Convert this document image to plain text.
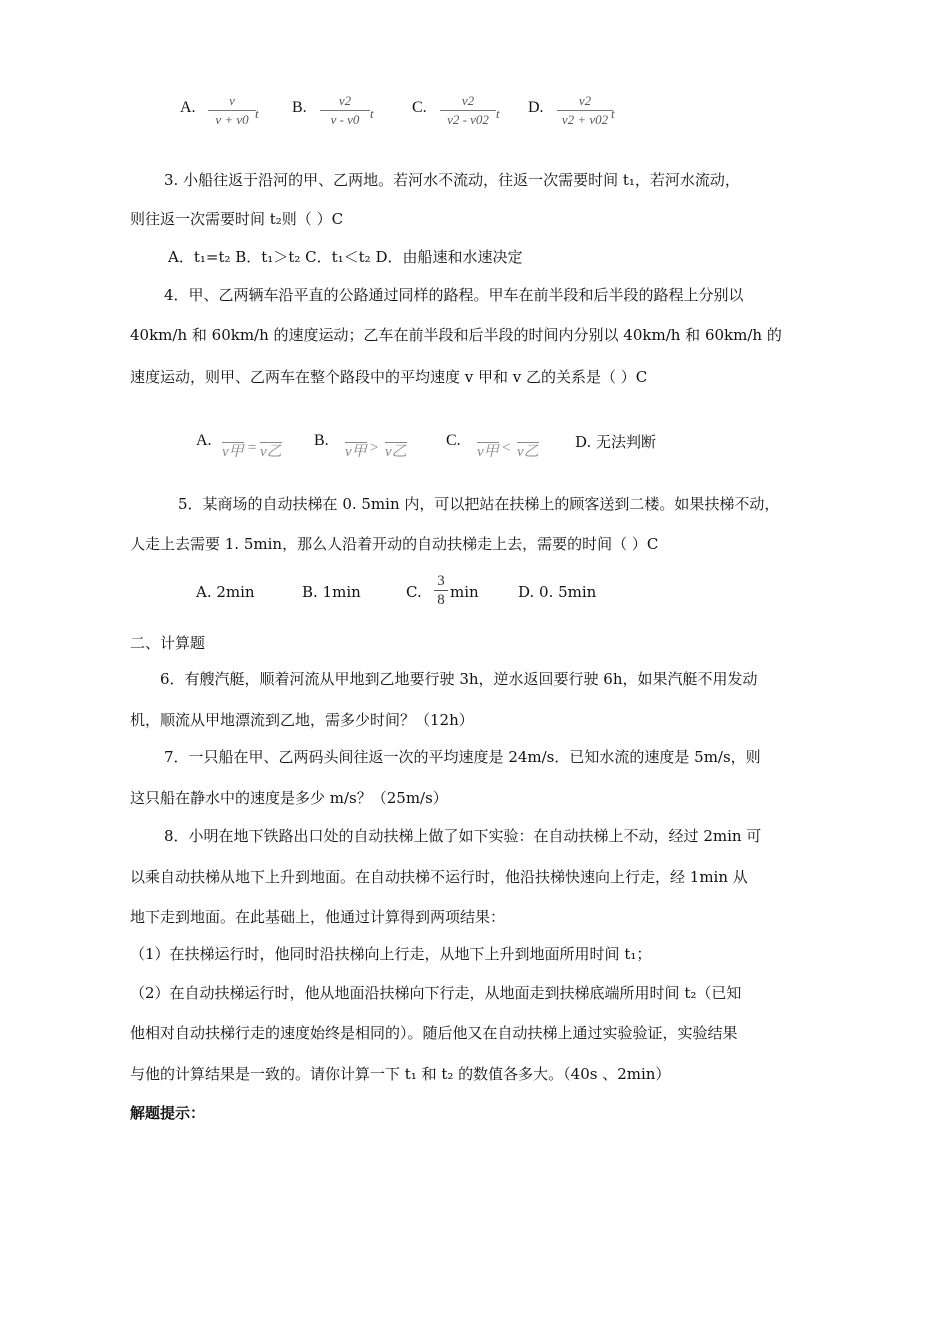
A.	v
v + v0 t B.	v2
v - v0 t C.	v2
v2 - v02 t D.	v2
v2 + v02 t
3. 小船往返于沿河的甲、乙两地。若河水不流动，往返一次需要时间 t₁，若河水流动，
则往返一次需要时间 t₂则（ ）C
A．t₁=t₂ B．t₁＞t₂ C．t₁＜t₂ D．由船速和水速决定
4．甲、乙两辆车沿平直的公路通过同样的路程。甲车在前半段和后半段的路程上分别以
40km/h 和 60km/h 的速度运动；乙车在前半段和后半段的时间内分别以 40km/h 和 60km/h 的
速度运动，则甲、乙两车在整个路段中的平均速度 v 甲和 v 乙的关系是（ ）C
A.
v甲 = v乙
B.
v甲 > v乙
C.
v甲 < v乙
D. 无法判断
5．某商场的自动扶梯在 0. 5min 内，可以把站在扶梯上的顾客送到二楼。如果扶梯不动，
人走上去需要 1. 5min，那么人沿着开动的自动扶梯走上去，需要的时间（ ）C
A. 2min	B. 1min	C.
3
8 min	D. 0. 5min
二、计算题
6．有艘汽艇，顺着河流从甲地到乙地要行驶 3h，逆水返回要行驶 6h，如果汽艇不用发动
机，顺流从甲地漂流到乙地，需多少时间？（12h）
7．一只船在甲、乙两码头间往返一次的平均速度是 24m/s．已知水流的速度是 5m/s，则
这只船在静水中的速度是多少 m/s？（25m/s）
8．小明在地下铁路出口处的自动扶梯上做了如下实验：在自动扶梯上不动，经过 2min 可
以乘自动扶梯从地下上升到地面。在自动扶梯不运行时，他沿扶梯快速向上行走，经 1min 从
地下走到地面。在此基础上，他通过计算得到两项结果：
（1）在扶梯运行时，他同时沿扶梯向上行走，从地下上升到地面所用时间 t₁；
（2）在自动扶梯运行时，他从地面沿扶梯向下行走，从地面走到扶梯底端所用时间 t₂（已知
他相对自动扶梯行走的速度始终是相同的）。随后他又在自动扶梯上通过实验验证，实验结果
与他的计算结果是一致的。请你计算一下 t₁ 和 t₂ 的数值各多大。（40s 、2min）
解题提示：
